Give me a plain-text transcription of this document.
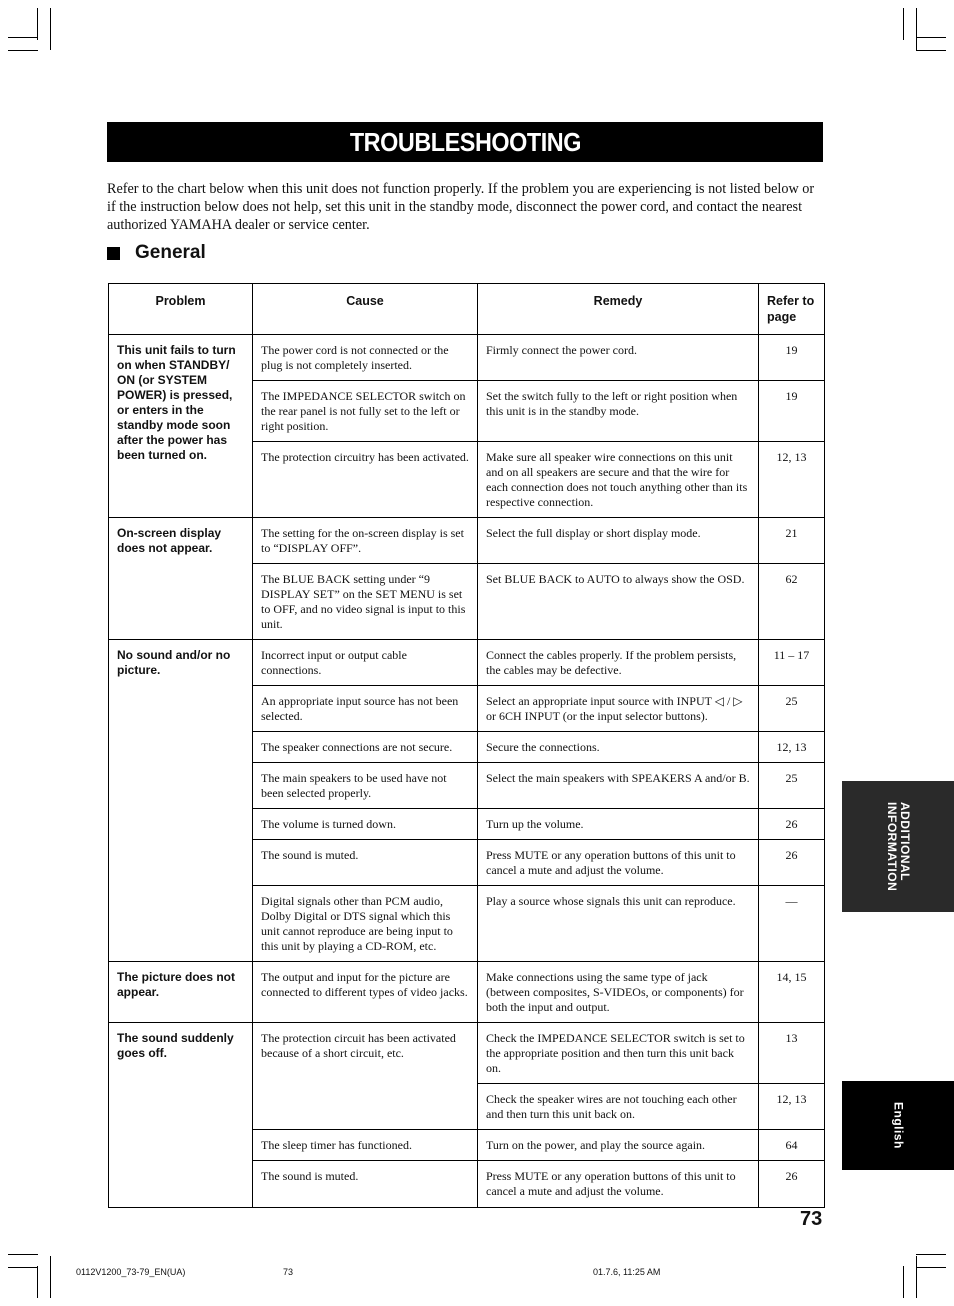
TROUBLESHOOTING

Refer to the chart below when this unit does not function properly. If the problem you are experiencing is not listed below or if the instruction below does not help, set this unit in the standby mode, disconnect the power cord, and contact the nearest authorized YAMAHA dealer or service center.

General
Problem	Cause	Remedy	Refer to page
This unit fails to turn on when STANDBY/ ON (or SYSTEM POWER) is pressed, or enters in the standby mode soon after the power has been turned on.	The power cord is not connected or the plug is not completely inserted.	Firmly connect the power cord.	19
	The IMPEDANCE SELECTOR switch on the rear panel is not fully set to the left or right position.	Set the switch fully to the left or right position when this unit is in the standby mode.	19
	The protection circuitry has been activated.	Make sure all speaker wire connections on this unit and on all speakers are secure and that the wire for each connection does not touch anything other than its respective connection.	12, 13
On-screen display does not appear.	The setting for the on-screen display is set to “DISPLAY OFF”.	Select the full display or short display mode.	21
	The BLUE BACK setting under “9 DISPLAY SET” on the SET MENU is set to OFF, and no video signal is input to this unit.	Set BLUE BACK to AUTO to always show the OSD.	62
No sound and/or no picture.	Incorrect input or output cable connections.	Connect the cables properly. If the problem persists, the cables may be defective.	11 – 17
	An appropriate input source has not been selected.	Select an appropriate input source with INPUT ◁ / ▷ or 6CH INPUT (or the input selector buttons).	25
	The speaker connections are not secure.	Secure the connections.	12, 13
	The main speakers to be used have not been selected properly.	Select the main speakers with SPEAKERS A and/or B.	25
	The volume is turned down.	Turn up the volume.	26
	The sound is muted.	Press MUTE or any operation buttons of this unit to cancel a mute and adjust the volume.	26
	Digital signals other than PCM audio, Dolby Digital or DTS signal which this unit cannot reproduce are being input to this unit by playing a CD-ROM, etc.	Play a source whose signals this unit can reproduce.	—
The picture does not appear.	The output and input for the picture are connected to different types of video jacks.	Make connections using the same type of jack (between composites, S-VIDEOs, or components) for both the input and output.	14, 15
The sound suddenly goes off.	The protection circuit has been activated because of a short circuit, etc.	Check the IMPEDANCE SELECTOR switch is set to the appropriate position and then turn this unit back on.	13
		Check the speaker wires are not touching each other and then turn this unit back on.	12, 13
	The sleep timer has functioned.	Turn on the power, and play the source again.	64
	The sound is muted.	Press MUTE or any operation buttons of this unit to cancel a mute and adjust the volume.	26
ADDITIONAL
INFORMATION
English
73
0112V1200_73-79_EN(UA)	73	01.7.6, 11:25 AM
